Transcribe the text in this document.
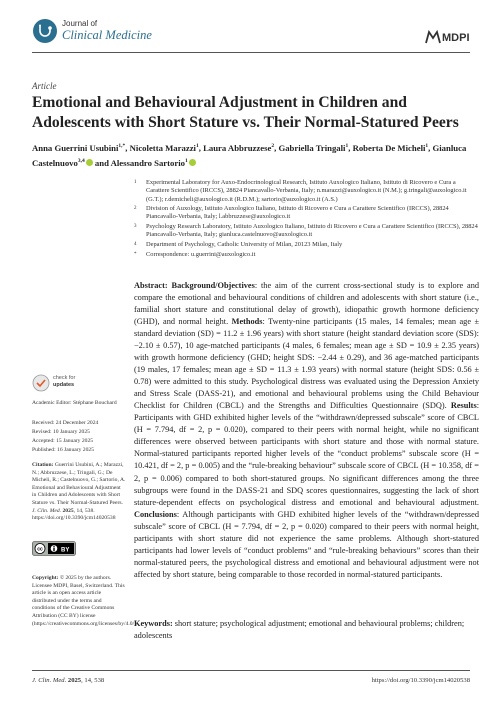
Journal of
Clinical Medicine	MDPI
Article
Emotional and Behavioural Adjustment in Children and Adolescents with Short Stature vs. Their Normal-Statured Peers
Anna Guerrini Usubini$^{1,*}$, Nicoletta Marazzi$^1$, Laura Abbruzzese$^2$, Gabriella Tringali$^1$, Roberta De Micheli$^1$, Gianluca Castelnuovo$^{3,4}$ and Alessandro Sartorio$^1$
1	Experimental Laboratory for Auxo-Endocrinological Research, Istituto Auxologico Italiano, Istituto di Ricovero e Cura a Carattere Scientifico (IRCCS), 28824 Piancavallo-Verbania, Italy; n.marazzi@auxologico.it (N.M.); g.tringali@auxologico.it (G.T.); r.demicheli@auxologico.it (R.D.M.); sartorio@auxologico.it (A.S.)
2	Division of Auxology, Istituto Auxologico Italiano, Istituto di Ricovero e Cura a Carattere Scientifico (IRCCS), 28824 Piancavallo-Verbania, Italy; l.abbruzzese@auxologico.it
3	Psychology Research Laboratory, Istituto Auxologico Italiano, Istituto di Ricovero e Cura a Carattere Scientifico (IRCCS), 28824 Piancavallo-Verbania, Italy; gianluca.castelnuovo@auxologico.it
4	Department of Psychology, Catholic University of Milan, 20123 Milan, Italy
*	Correspondence: u.guerrini@auxologico.it
check for
updates
Academic Editor: Stéphane Bouchard
Received: 24 December 2024
Revised: 10 January 2025
Accepted: 15 January 2025
Published: 16 January 2025
Citation: Guerrini Usubini, A.; Marazzi, N.; Abbruzzese, L.; Tringali, G.; De Micheli, R.; Castelnuovo, G.; Sartorio, A. Emotional and Behavioural Adjustment in Children and Adolescents with Short Stature vs. Their Normal-Statured Peers. J. Clin. Med. 2025, 14, 538. https://doi.org/10.3390/jcm14020538
cc	BY
Copyright: © 2025 by the authors. Licensee MDPI, Basel, Switzerland. This article is an open access article distributed under the terms and conditions of the Creative Commons Attribution (CC BY) license (https://creativecommons.org/licenses/by/4.0/).
Abstract: Background/Objectives: the aim of the current cross-sectional study is to explore and compare the emotional and behavioural conditions of children and adolescents with short stature (i.e., familial short stature and constitutional delay of growth), idiopathic growth hormone deficiency (GHD), and normal height. Methods: Twenty-nine participants (15 males, 14 females; mean age ± standard deviation (SD) = 11.2 ± 1.96 years) with short stature (height standard deviation score (SDS): −2.10 ± 0.57), 10 age-matched participants (4 males, 6 females; mean age ± SD = 10.9 ± 2.35 years) with growth hormone deficiency (GHD; height SDS: −2.44 ± 0.29), and 36 age-matched participants (19 males, 17 females; mean age ± SD = 11.3 ± 1.93 years) with normal stature (height SDS: 0.56 ± 0.78) were admitted to this study. Psychological distress was evaluated using the Depression Anxiety and Stress Scale (DASS-21), and emotional and behavioural problems using the Child Behaviour Checklist for Children (CBCL) and the Strengths and Difficulties Questionnaire (SDQ). Results: Participants with GHD exhibited higher levels of the “withdrawn/depressed subscale” score of CBCL (H = 7.794, df = 2, p = 0.020), compared to their peers with normal height, while no significant differences were observed between participants with short stature and those with normal stature. Normal-statured participants reported higher levels of the “conduct problems” subscale score (H = 10.421, df = 2, p = 0.005) and the “rule-breaking behaviour” subscale score of CBCL (H = 10.358, df = 2, p = 0.006) compared to both short-statured groups. No significant differences among the three subgroups were found in the DASS-21 and SDQ scores questionnaires, suggesting the lack of short stature-dependent effects on psychological distress and emotional and behavioural adjustment. Conclusions: Although participants with GHD exhibited higher levels of the “withdrawn/depressed subscale” score of CBCL (H = 7.794, df = 2, p = 0.020) compared to their peers with normal height, participants with short stature did not experience the same problems. Although short-statured participants had lower levels of “conduct problems” and “rule-breaking behaviours” scores than their normal-statured peers, the psychological distress and emotional and behavioural adjustment were not affected by short stature, being comparable to those recorded in normal-statured participants.
Keywords: short stature; psychological adjustment; emotional and behavioural problems; children; adolescents
J. Clin. Med. 2025, 14, 538	https://doi.org/10.3390/jcm14020538
